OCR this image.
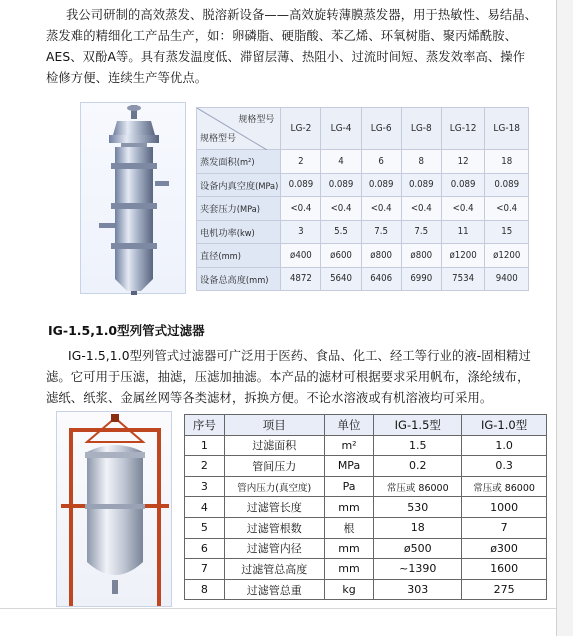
我公司研制的高效蒸发、脱溶新设备——高效旋转薄膜蒸发器，用于热敏性、易结晶、
蒸发难的精细化工产品生产，如：卵磷脂、硬脂酸、苯乙烯、环氧树脂、聚丙烯酰胺、
AES、双酚A等。具有蒸发温度低、滞留层薄、热阻小、过流时间短、蒸发效率高、操作
检修方便、连续生产等优点。
规格型号
规格型号	LG-2	LG-4	LG-6	LG-8	LG-12	LG-18
蒸发面积(m²)	2	4	6	8	12	18
设备内真空度(MPa)	0.089	0.089	0.089	0.089	0.089	0.089
夹套压力(MPa)	<0.4	<0.4	<0.4	<0.4	<0.4	<0.4
电机功率(kw)	3	5.5	7.5	7.5	11	15
直径(mm)	ø400	ø600	ø800	ø800	ø1200	ø1200
设备总高度(mm)	4872	5640	6406	6990	7534	9400
IG-1.5,1.0型列管式过滤器
IG-1.5,1.0型列管式过滤器可广泛用于医药、食品、化工、经工等行业的液-固相精过
滤。它可用于压滤，抽滤，压滤加抽滤。本产品的滤材可根据要求采用帆布，涤纶绒布，
滤纸、纸浆、金属丝网等各类滤材，拆换方便。不论水溶液或有机溶液均可采用。
序号	项目	单位	IG-1.5型	IG-1.0型
1	过滤面积	m²	1.5	1.0
2	管间压力	MPa	0.2	0.3
3	管内压力(真空度)	Pa	常压或 86000	常压或 86000
4	过滤管长度	mm	530	1000
5	过滤管根数	根	18	7
6	过滤管内径	mm	ø500	ø300
7	过滤管总高度	mm	~1390	1600
8	过滤管总重	kg	303	275
